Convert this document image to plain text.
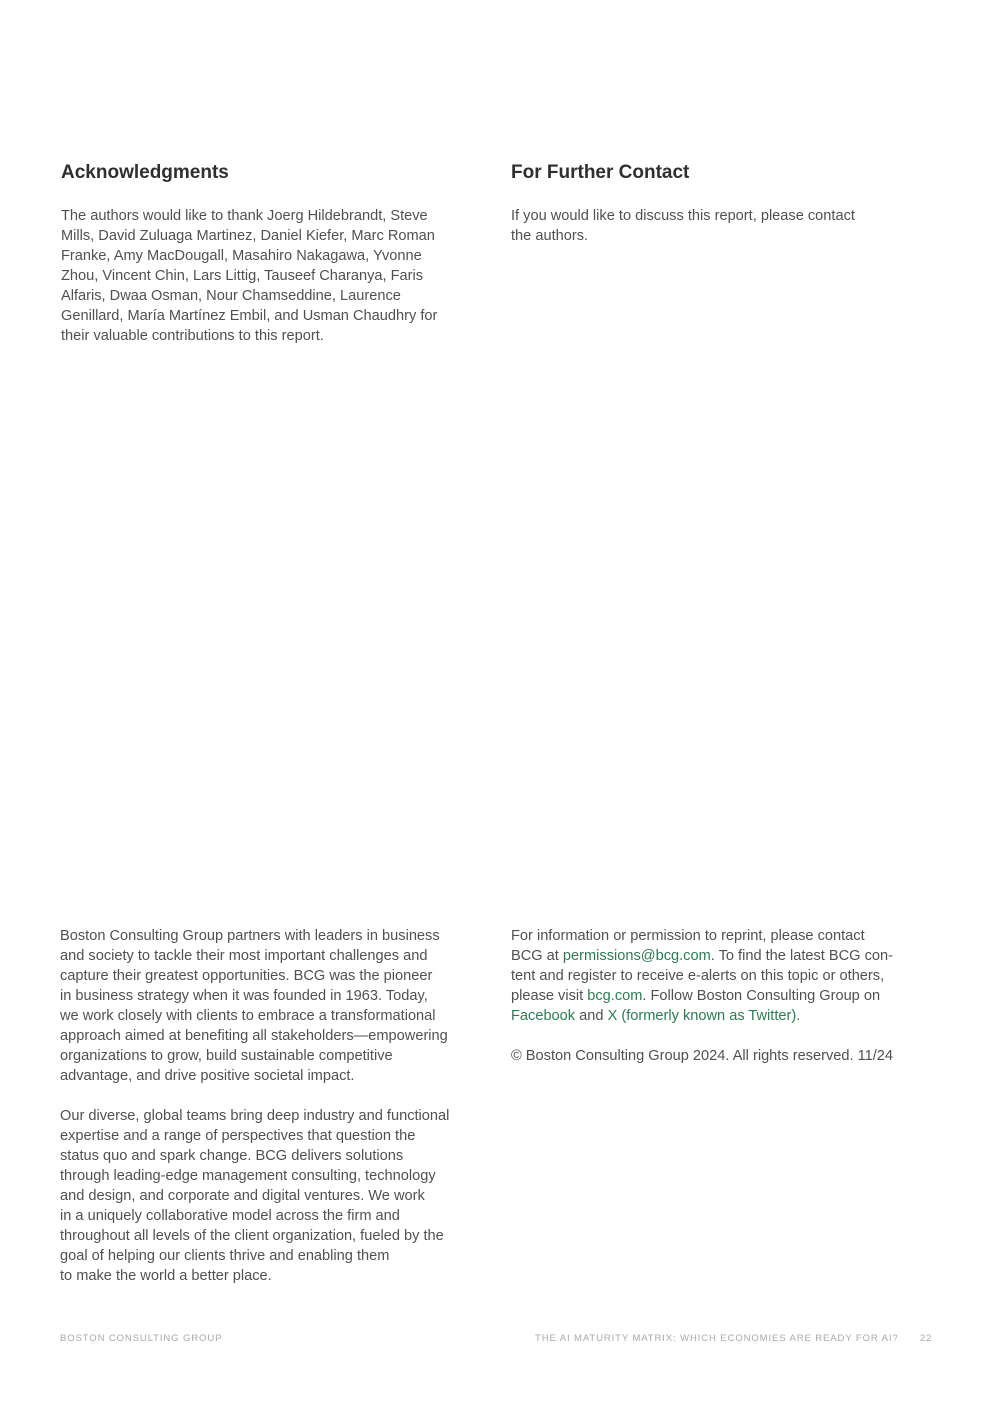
Acknowledgments

The authors would like to thank Joerg Hildebrandt, Steve
Mills, David Zuluaga Martinez, Daniel Kiefer, Marc Roman
Franke, Amy MacDougall, Masahiro Nakagawa, Yvonne
Zhou, Vincent Chin, Lars Littig, Tauseef Charanya, Faris
Alfaris, Dwaa Osman, Nour Chamseddine, Laurence
Genillard, María Martínez Embil, and Usman Chaudhry for
their valuable contributions to this report.

For Further Contact

If you would like to discuss this report, please contact
the authors.

Boston Consulting Group partners with leaders in business
and society to tackle their most important challenges and
capture their greatest opportunities. BCG was the pioneer
in business strategy when it was founded in 1963. Today,
we work closely with clients to embrace a transformational
approach aimed at benefiting all stakeholders—empowering
organizations to grow, build sustainable competitive
advantage, and drive positive societal impact.

Our diverse, global teams bring deep industry and functional
expertise and a range of perspectives that question the
status quo and spark change. BCG delivers solutions
through leading-edge management consulting, technology
and design, and corporate and digital ventures. We work
in a uniquely collaborative model across the firm and
throughout all levels of the client organization, fueled by the
goal of helping our clients thrive and enabling them
to make the world a better place.

For information or permission to reprint, please contact
BCG at permissions@bcg.com. To find the latest BCG con-
tent and register to receive e-alerts on this topic or others,
please visit bcg.com. Follow Boston Consulting Group on
Facebook and X (formerly known as Twitter).

© Boston Consulting Group 2024. All rights reserved. 11/24

BOSTON CONSULTING GROUP	THE AI MATURITY MATRIX: WHICH ECONOMIES ARE READY FOR AI? 22
